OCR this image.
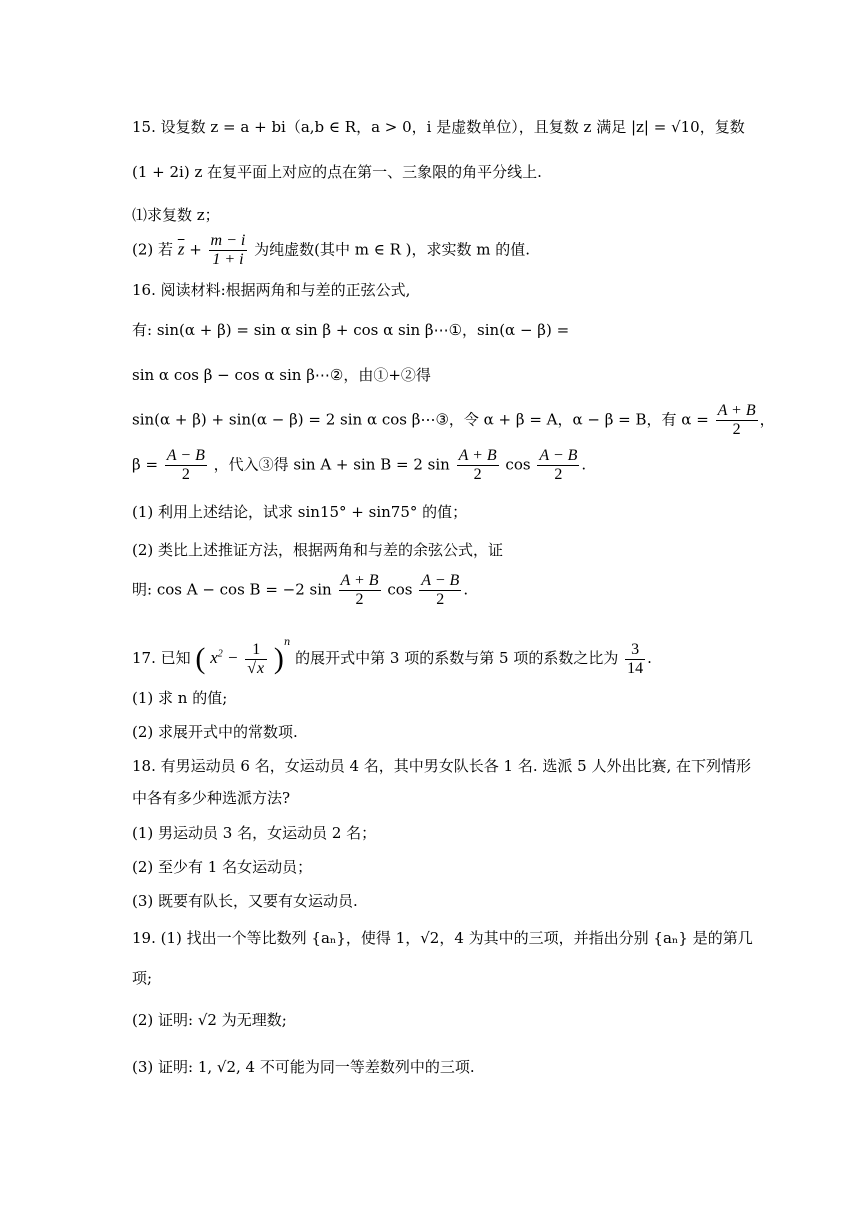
15. 设复数 z = a + bi（a,b ∈ R，a > 0，i 是虚数单位），且复数 z 满足 |z| = √10，复数
(1 + 2i) z 在复平面上对应的点在第一、三象限的角平分线上.
⑴求复数 z；
(2) 若 $\overline{z} + \frac{m - i}{1 + i}$ 为纯虚数(其中 m ∈ R )，求实数 m 的值.
16. 阅读材料:根据两角和与差的正弦公式,
有: sin(α + β) = sin α sin β + cos α sin β⋯①，sin(α − β) =
sin α cos β − cos α sin β⋯②，由①+②得
sin(α + β) + sin(α − β) = 2 sin α cos β⋯③，令 α + β = A，α − β = B，有 $\alpha = \frac{A + B}{2}$ ，
$\beta = \frac{A - B}{2}$ ，代入③得 sin A + sin B = 2 $\sin \frac{A + B}{2}$ $\cos \frac{A - B}{2}$ .
(1) 利用上述结论，试求 sin15° + sin75° 的值；
(2) 类比上述推证方法，根据两角和与差的余弦公式，证
明: cos A − cos B = −2 $\sin \frac{A + B}{2}$ $\cos \frac{A - B}{2}$ .
17. 已知 ( $x^2 - \frac{1}{√x} )^n$ 的展开式中第 3 项的系数与第 5 项的系数之比为 $\frac{3}{14}$ .
(1) 求 n 的值;
(2) 求展开式中的常数项.
18. 有男运动员 6 名，女运动员 4 名，其中男女队长各 1 名. 选派 5 人外出比赛, 在下列情形
中各有多少种选派方法?
(1) 男运动员 3 名，女运动员 2 名；
(2) 至少有 1 名女运动员；
(3) 既要有队长，又要有女运动员.
19. (1) 找出一个等比数列 {aₙ}，使得 1，√2，4 为其中的三项，并指出分别 {aₙ} 是的第几
项;
(2) 证明: √2 为无理数;
(3) 证明: 1, √2, 4 不可能为同一等差数列中的三项.
